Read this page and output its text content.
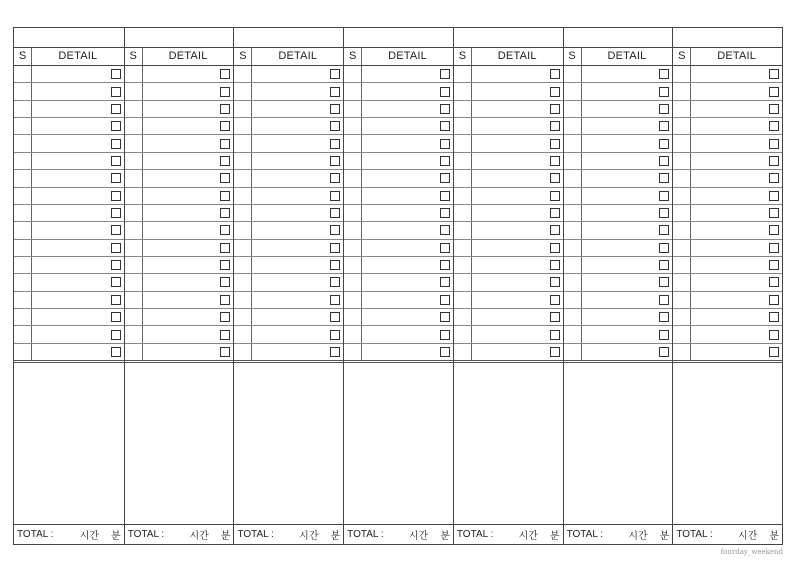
S	DETAIL
TOTAL :	시간	분
S	DETAIL
TOTAL :	시간	분
S	DETAIL
TOTAL :	시간	분
S	DETAIL
TOTAL :	시간	분
S	DETAIL
TOTAL :	시간	분
S	DETAIL
TOTAL :	시간	분
S	DETAIL
TOTAL :	시간	분
fourday_weekend
